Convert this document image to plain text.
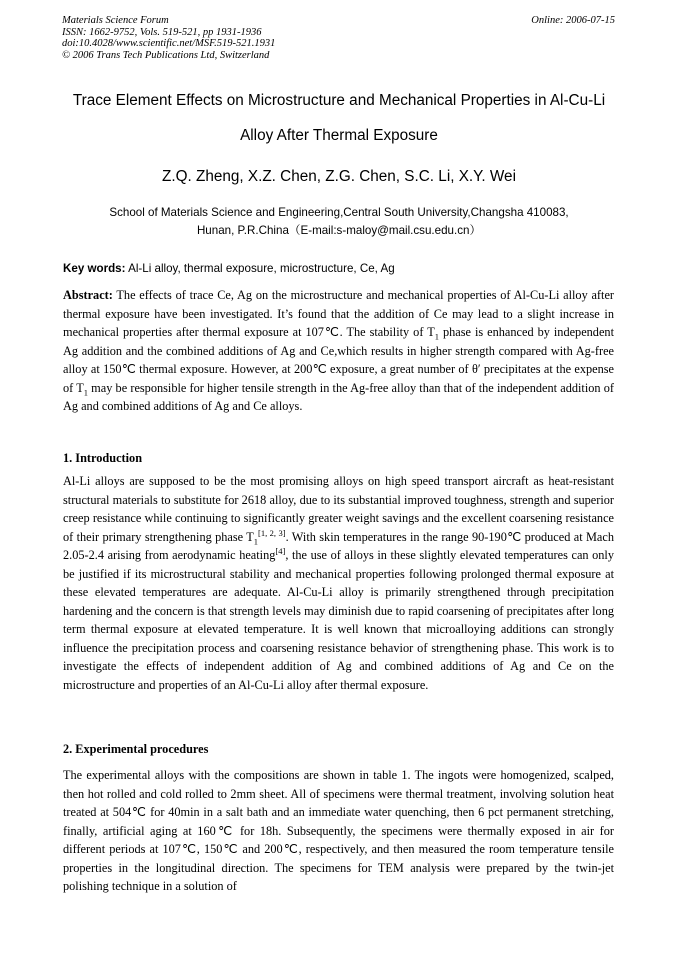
Materials Science Forum
ISSN: 1662-9752, Vols. 519-521, pp 1931-1936
doi:10.4028/www.scientific.net/MSF.519-521.1931
© 2006 Trans Tech Publications Ltd, Switzerland
Online: 2006-07-15
Trace Element Effects on Microstructure and Mechanical Properties in Al-Cu-Li
Alloy After Thermal Exposure
Z.Q. Zheng, X.Z. Chen, Z.G. Chen, S.C. Li, X.Y. Wei
School of Materials Science and Engineering,Central South University,Changsha 410083,
Hunan, P.R.China（E-mail:s-maloy@mail.csu.edu.cn）
Key words: Al-Li alloy, thermal exposure, microstructure, Ce, Ag
Abstract: The effects of trace Ce, Ag on the microstructure and mechanical properties of Al-Cu-Li alloy after thermal exposure have been investigated. It’s found that the addition of Ce may lead to a slight increase in mechanical properties after thermal exposure at 107℃. The stability of $T_1$ phase is enhanced by independent Ag addition and the combined additions of Ag and Ce,which results in higher strength compared with Ag-free alloy at 150℃ thermal exposure. However, at 200℃ exposure, a great number of θ′ precipitates at the expense of $T_1$ may be responsible for higher tensile strength in the Ag-free alloy than that of the independent addition of Ag and combined additions of Ag and Ce alloys.
1. Introduction
Al-Li alloys are supposed to be the most promising alloys on high speed transport aircraft as heat-resistant structural materials to substitute for 2618 alloy, due to its substantial improved toughness, strength and superior creep resistance while continuing to significantly greater weight savings and the excellent coarsening resistance of their primary strengthening phase $T_1[1, 2, 3]$. With skin temperatures in the range 90-190℃ produced at Mach 2.05-2.4 arising from aerodynamic heating[4], the use of alloys in these slightly elevated temperatures can only be justified if its microstructural stability and mechanical properties following prolonged thermal exposure at these elevated temperatures are adequate. Al-Cu-Li alloy is primarily strengthened through precipitation hardening and the concern is that strength levels may diminish due to rapid coarsening of precipitates after long term thermal exposure at elevated temperature. It is well known that microalloying additions can strongly influence the precipitation process and coarsening resistance behavior of strengthening phase. This work is to investigate the effects of independent addition of Ag and combined additions of Ag and Ce on the microstructure and properties of an Al-Cu-Li alloy after thermal exposure.
2. Experimental procedures
The experimental alloys with the compositions are shown in table 1. The ingots were homogenized, scalped, then hot rolled and cold rolled to 2mm sheet. All of specimens were thermal treatment, involving solution heat treated at 504℃ for 40min in a salt bath and an immediate water quenching, then 6 pct permanent stretching, finally, artificial aging at 160℃ for 18h. Subsequently, the specimens were thermally exposed in air for different periods at 107℃, 150℃ and 200℃, respectively, and then measured the room temperature tensile properties in the longitudinal direction. The specimens for TEM analysis were prepared by the twin-jet polishing technique in a solution of
